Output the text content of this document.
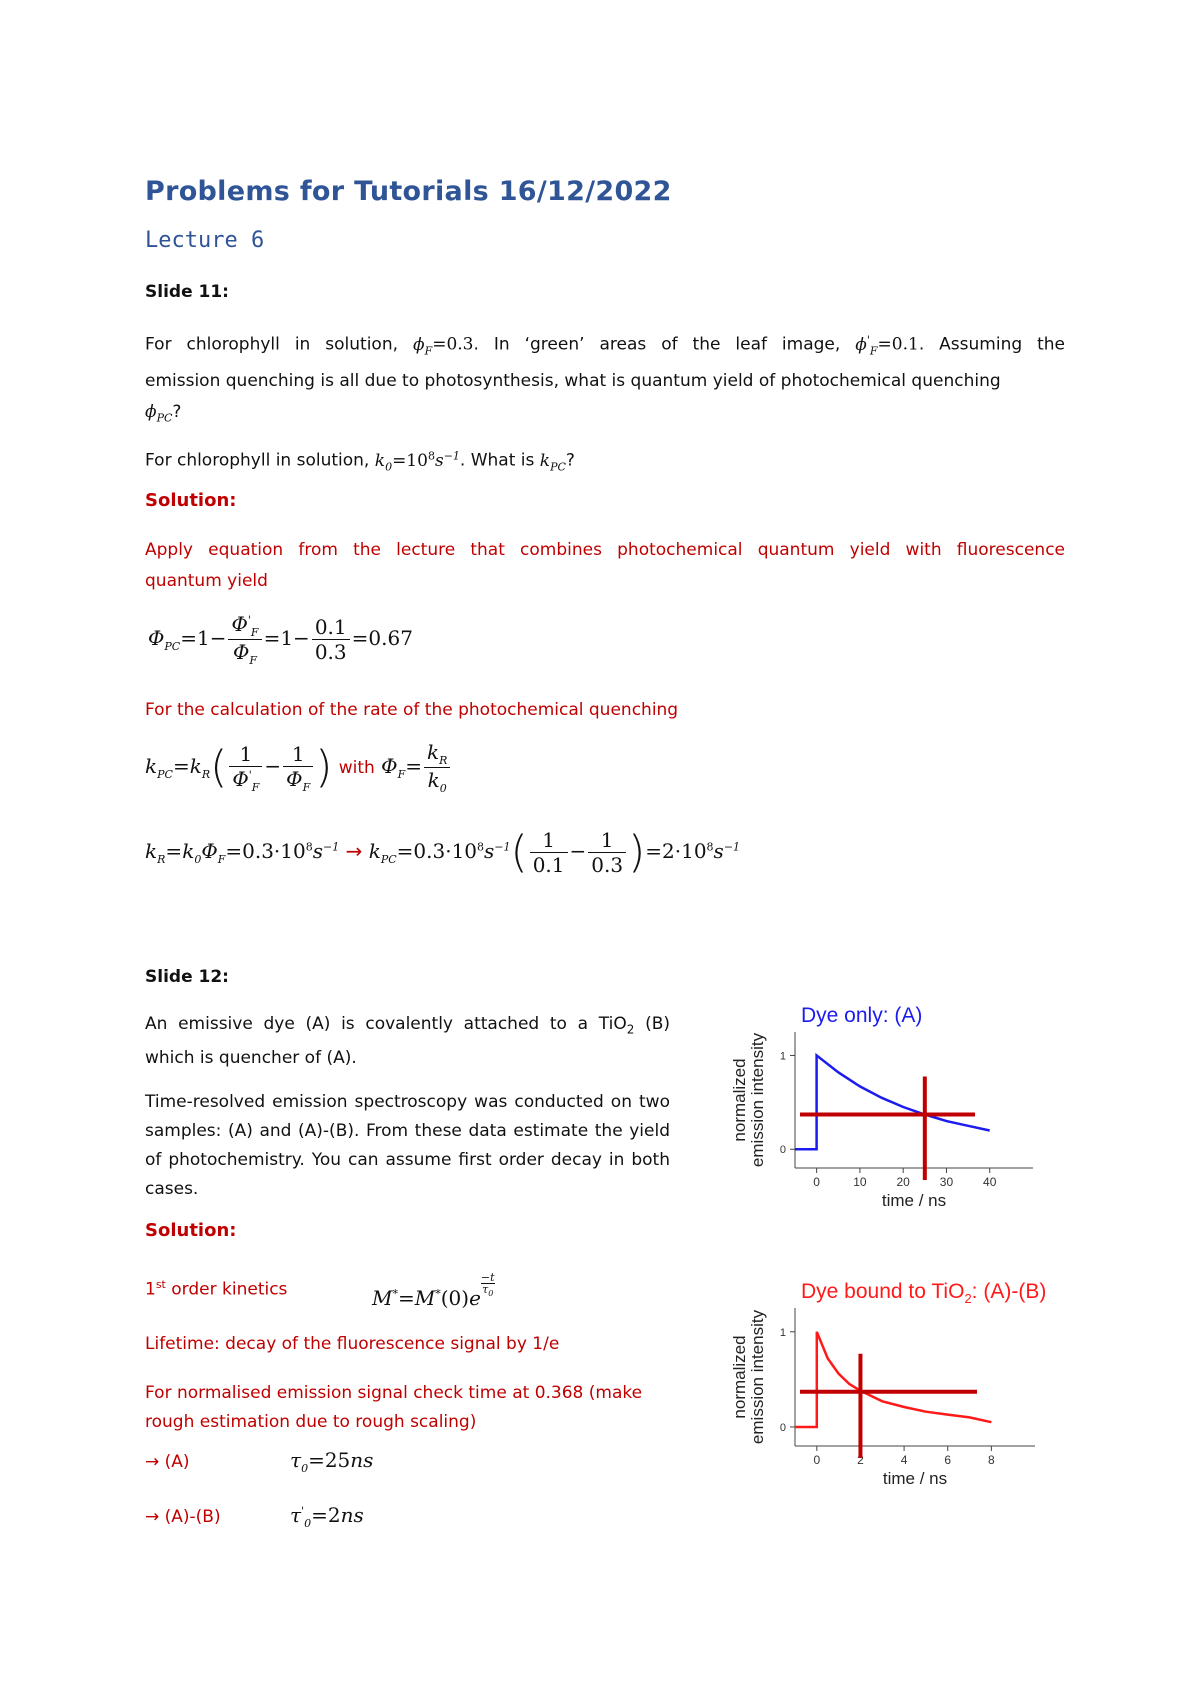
Problems for Tutorials 16/12/2022
Lecture 6
Slide 11:
For chlorophyll in solution, $\phi_F=0.3$. In ‘green’ areas of the leaf image, $\phi'_F=0.1$. Assuming the
emission quenching is all due to photosynthesis, what is quantum yield of photochemical quenching
$\phi_{PC}$?
For chlorophyll in solution, $k_0=10^8s^{-1}$. What is $k_{PC}$?
Solution:
Apply equation from the lecture that combines photochemical quantum yield with fluorescence
quantum yield
$\Phi_{PC}=1- \frac{\Phi'_F}{\Phi_F} =1- \frac{0.1}{0.3} =0.67$
For the calculation of the rate of the photochemical quenching
$k_{PC}=k_R( \frac{1}{\Phi'_F} - \frac{1}{\Phi_F}$ ) with $\Phi_F= \frac{k_R}{k_0}$
$k_R=k_0\Phi_F=0.3\cdot 10^8s^{-1} \to k_{PC}=0.3\cdot 10^8s^{-1}( \frac{1}{0.1} - \frac{1}{0.3} )=2\cdot 10^8s^{-1}$
Slide 12:
An emissive dye (A) is covalently attached to a TiO$_2$ (B)
which is quencher of (A).
Time-resolved emission spectroscopy was conducted on two samples: (A) and (A)-(B). From these data estimate the yield of photochemistry. You can assume first order decay in both cases.
Solution:
1st order kinetics	$M^*=M^*(0)e \frac{-t}{\tau_0}$
Lifetime: decay of the fluorescence signal by 1/e
For normalised emission signal check time at 0.368 (make rough estimation due to rough scaling)
→ (A)	$\tau_0=25ns$
→ (A)-(B)	$\tau'_0=2ns$
0	10 20 30 40
0
1
time / ns
normalized emission intensity
Dye only: (A)
0	2	4	6	8
0
1
time / ns
normalized emission intensity
Dye bound to TiO$_2$: (A)-(B)
